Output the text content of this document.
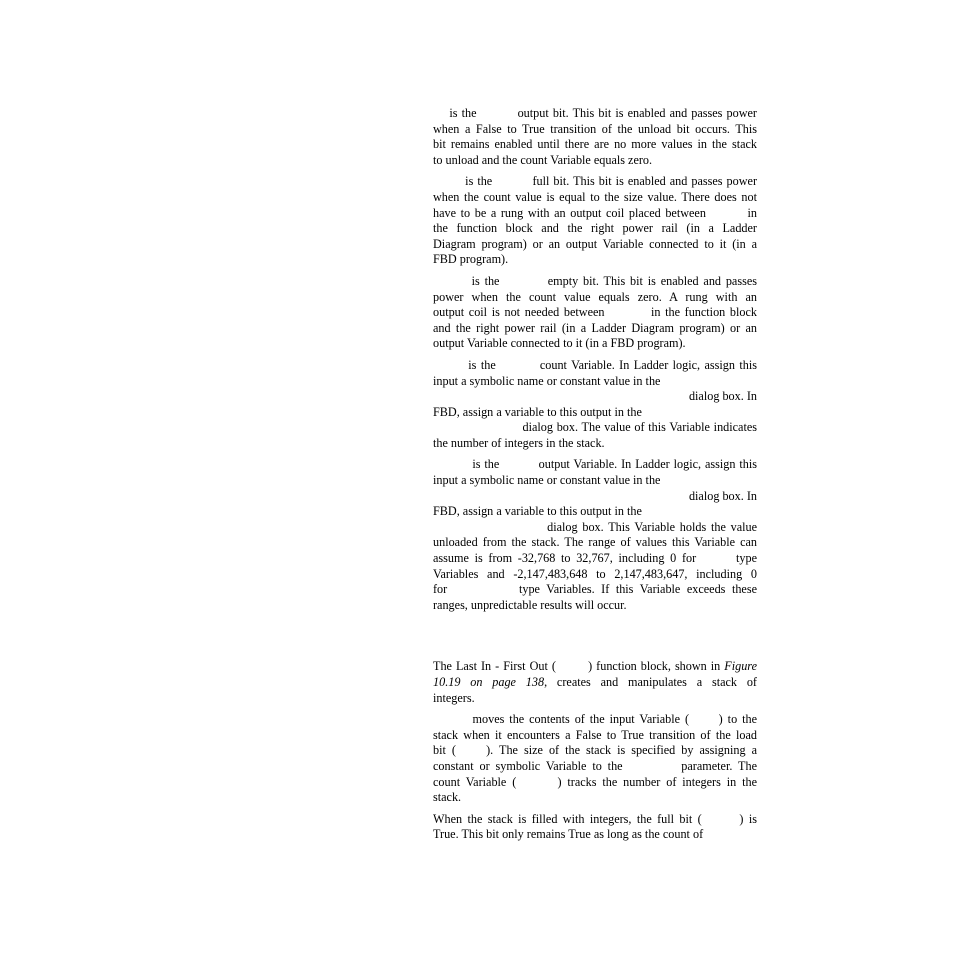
is the          output bit. This bit is enabled and passes power
when a False to True transition of the unload bit occurs. This
bit remains enabled until there are no more values in the stack
to unload and the count Variable equals zero.

is the          full bit. This bit is enabled and passes power
when the count value is equal to the size value. There does not
have to be a rung with an output coil placed between         in
the function block and the right power rail (in a Ladder
Diagram program) or an output Variable connected to it (in a
FBD program).

is the          empty bit. This bit is enabled and passes
power when the count value equals zero. A rung with an
output coil is not needed between          in the function block
and the right power rail (in a Ladder Diagram program) or an
output Variable connected to it (in a FBD program).

is the          count Variable. In Ladder logic, assign this
input a symbolic name or constant value in the
dialog box. In
FBD, assign a variable to this output in the
dialog box. The value of this Variable indicates
the number of integers in the stack.

is the          output Variable. In Ladder logic, assign this
input a symbolic name or constant value in the
dialog box. In
FBD, assign a variable to this output in the
dialog box. This Variable holds the value
unloaded from the stack. The range of values this Variable can
assume is from -32,768 to 32,767, including 0 for       type
Variables and -2,147,483,648 to 2,147,483,647, including 0
for           type Variables. If this Variable exceeds these
ranges, unpredictable results will occur.

The Last In - First Out (        ) function block, shown in Figure
10.19 on page 138, creates and manipulates a stack of
integers.

moves the contents of the input Variable (      ) to the
stack when it encounters a False to True transition of the load
bit (     ). The size of the stack is specified by assigning a
constant or symbolic Variable to the          parameter. The
count Variable (       ) tracks the number of integers in the
stack.

When the stack is filled with integers, the full bit (       ) is
True. This bit only remains True as long as the count of
